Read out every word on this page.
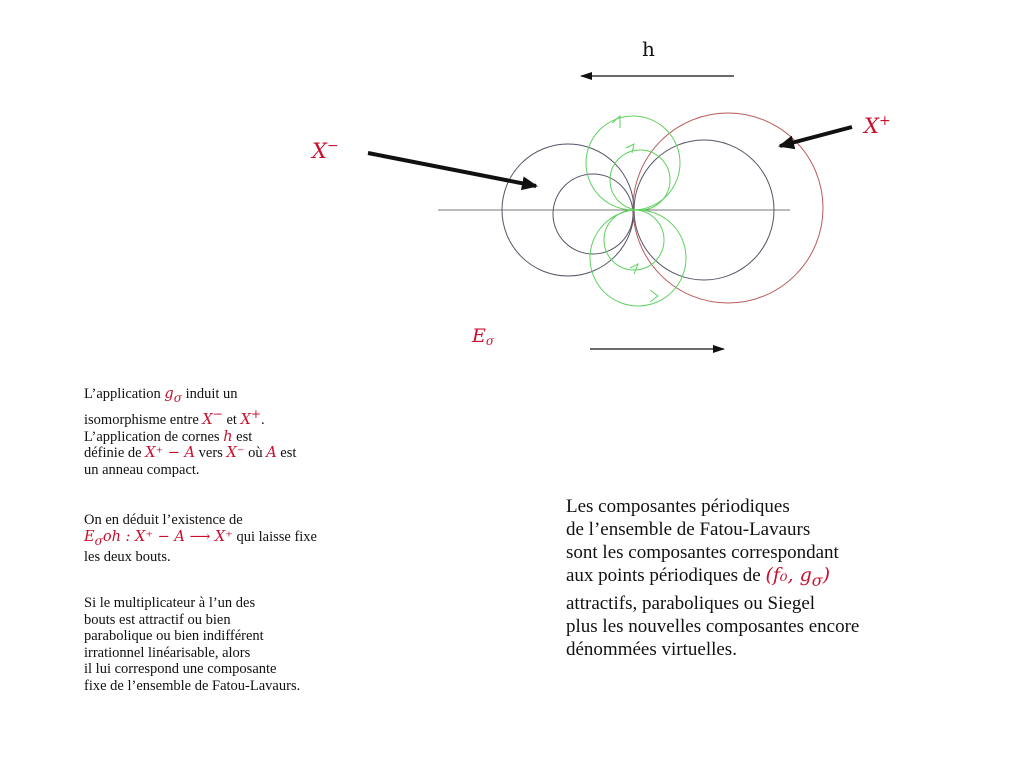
h
X−
X+
Eσ

L’application $g_\sigma$ induit un
isomorphisme entre X− et X+.
L’application de cornes h est
définie de X⁺ − A vers X⁻ où A est
un anneau compact.

On en déduit l’existence de
$E_\sigma oh$ : X⁺ − A ⟶ X⁺ qui laisse fixe
les deux bouts.

Si le multiplicateur à l’un des
bouts est attractif ou bien
parabolique ou bien indifférent
irrationnel linéarisable, alors
il lui correspond une composante
fixe de l’ensemble de Fatou-Lavaurs.

Les composantes périodiques
de l’ensemble de Fatou-Lavaurs
sont les composantes correspondant
aux points périodiques de (f₀, $g_\sigma$)
attractifs, paraboliques ou Siegel
plus les nouvelles composantes encore
dénommées virtuelles.
